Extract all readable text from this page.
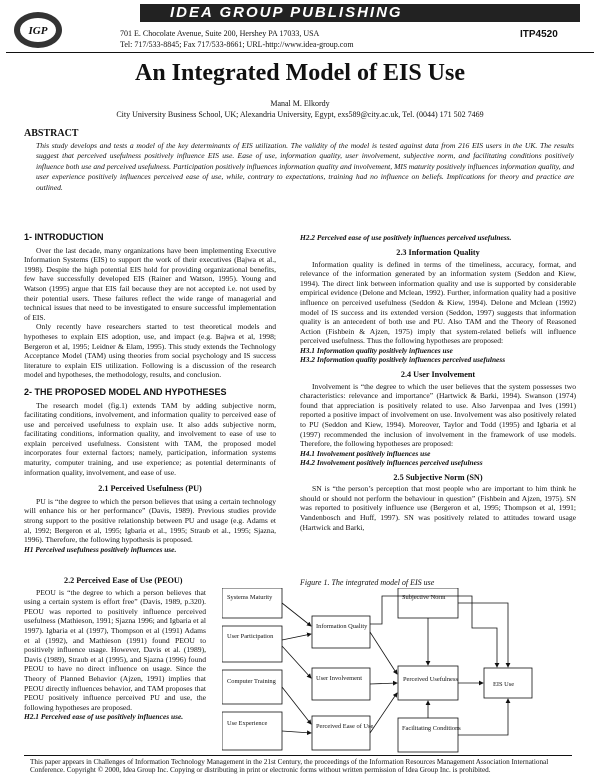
IGP
IDEA GROUP PUBLISHING
701 E. Chocolate Avenue, Suite 200, Hershey PA 17033, USA
Tel: 717/533-8845; Fax 717/533-8661; URL-http://www.idea-group.com
ITP4520
An Integrated Model of EIS Use
Manal M. Elkordy
City University Business School, UK; Alexandria University, Egypt, exs589@city.ac.uk, Tel. (0044) 171 502 7469
ABSTRACT
This study develops and tests a model of the key determinants of EIS utilization. The validity of the model is tested against data from 216 EIS users in the UK. The results suggest that perceived usefulness positively influence EIS use. Ease of use, information quality, user involvement, subjective norm, and facilitating conditions positively influence both use and perceived usefulness. Participation positively influences information quality and involvement, MIS maturity positively influences information quality, and user experience positively influences perceived ease of use, while, contrary to expectations, training had no influence on beliefs. Implications for theory and practice are outlined.
1- INTRODUCTION

Over the last decade, many organizations have been implementing Executive Information Systems (EIS) to support the work of their executives (Bajwa et al., 1998). Despite the high potential EIS hold for providing organizational benefits, few have successfully developed EIS (Rainer and Watson, 1995). Young and Watson (1995) argue that EIS fail because they are not accepted i.e. not used by their potential users. These failures reflect the wide range of managerial and technical issues that need to be investigated to ensure successful implementation of EIS.

Only recently have researchers started to test theoretical models and hypotheses to explain EIS adoption, use, and impact (e.g. Bajwa et al, 1998; Bergeron et al, 1995; Leidner & Elam, 1995). This study extends the Technology Acceptance Model (TAM) using theories from social psychology and IS success literature to explain EIS utilization. Following is a discussion of the research model and hypotheses, the methodology, results, and conclusion.

2- THE PROPOSED MODEL AND HYPOTHESES

The research model (fig.1) extends TAM by adding subjective norm, facilitating conditions, involvement, and information quality to perceived ease of use and perceived usefulness to explain use. It also adds subjective norm, facilitating conditions, information quality, and involvement to ease of use to explain perceived usefulness. Consistent with TAM, the proposed model incorporates four external factors; namely, participation, information systems maturity, computer training, and use experience; as potential determinants of information quality, involvement, and ease of use.

2.1 Perceived Usefulness (PU)

PU is “the degree to which the person believes that using a certain technology will enhance his or her performance” (Davis, 1989). Previous studies provide strong support to the positive relationship between PU and usage (e.g. Adams et al, 1992; Bergeron et al, 1995; Igbaria et al., 1995; Straub et al., 1995; Sjazna, 1996). Therefore, the following hypothesis is proposed.

H1 Perceived usefulness positively influences use.
2.2 Perceived Ease of Use (PEOU)

PEOU is “the degree to which a person believes that using a certain system is effort free” (Davis, 1989, p.320). PEOU was reported to positively influence perceived usefulness (Mathieson, 1991; Sjazna 1996; and Igbaria et al 1997). Igbaria et al (1997), Thompson et al (1991) Adams et al (1992), and Mathieson (1991) found PEOU to positively influence usage. However, Davis et al. (1989), Davis (1989), Straub et al (1995), and Sjazna (1996) found PEOU to have no direct influence on usage. Since the Theory of Planned Behavior (Ajzen, 1991) implies that PEOU directly influences behavior, and TAM proposes that PEOU positively influence perceived PU and use, the following hypotheses are proposed.

H2.1 Perceived ease of use positively influences use.
H2.2 Perceived ease of use positively influences perceived usefulness.
2.3 Information Quality

Information quality is defined in terms of the timeliness, accuracy, format, and relevance of the information generated by an information system (Seddon and Kiew, 1994). The direct link between information quality and use is supported by considerable empirical evidence (Delone and Mclean, 1992). Further, information quality had a positive influence on perceived usefulness (Seddon & Kiew, 1994). Delone and Mclean (1992) model of IS success and its extended version (Seddon, 1997) suggests that information quality is an antecedent of both use and PU. Also TAM and the Theory of Reasoned Action (Fishbein & Ajzen, 1975) imply that system-related beliefs will influence perceived usefulness. Thus the following hypotheses are proposed:

H3.1 Information quality positively influences use
H3.2 Information quality positively influences perceived usefulness
2.4 User Involvement

Involvement is “the degree to which the user believes that the system possesses two characteristics: relevance and importance” (Hartwick & Barki, 1994). Swanson (1974) found that appreciation is positively related to use. Also Jarvenpaa and Ives (1991) reported a positive impact of involvement on use. Involvement was also positively related to PU (Seddon and Kiew, 1994). Moreover, Taylor and Todd (1995) and Igbaria et al (1997) recommended the inclusion of involvement in the framework of use models. Therefore, the following hypotheses are proposed:

H4.1 Involvement positively influences use
H4.2 Involvement positively influences perceived usefulness
2.5 Subjective Norm (SN)

SN is “the person’s perception that most people who are important to him think he should or should not perform the behaviour in question” (Fishbein and Ajzen, 1975). SN was reported to positively influence use (Bergeron et al, 1995; Thompson et al, 1991; Vandenbosch and Huff, 1997). SN was positively related to attitudes toward usage (Hartwick and Barki,

Figure 1. The integrated model of EIS use
Systems Maturity
User Participation
Computer Training
Use Experience
Information Quality
User Involvement
Perceived Ease of Use
Subjective Norm
Facilitating Conditions
Perceived Usefulness
EIS Use
This paper appears in Challenges of Information Technology Management in the 21st Century, the proceedings of the Information Resources Management Association International Conference. Copyright © 2000, Idea Group Inc. Copying or distributing in print or electronic forms without written permission of Idea Group Inc. is prohibited.
